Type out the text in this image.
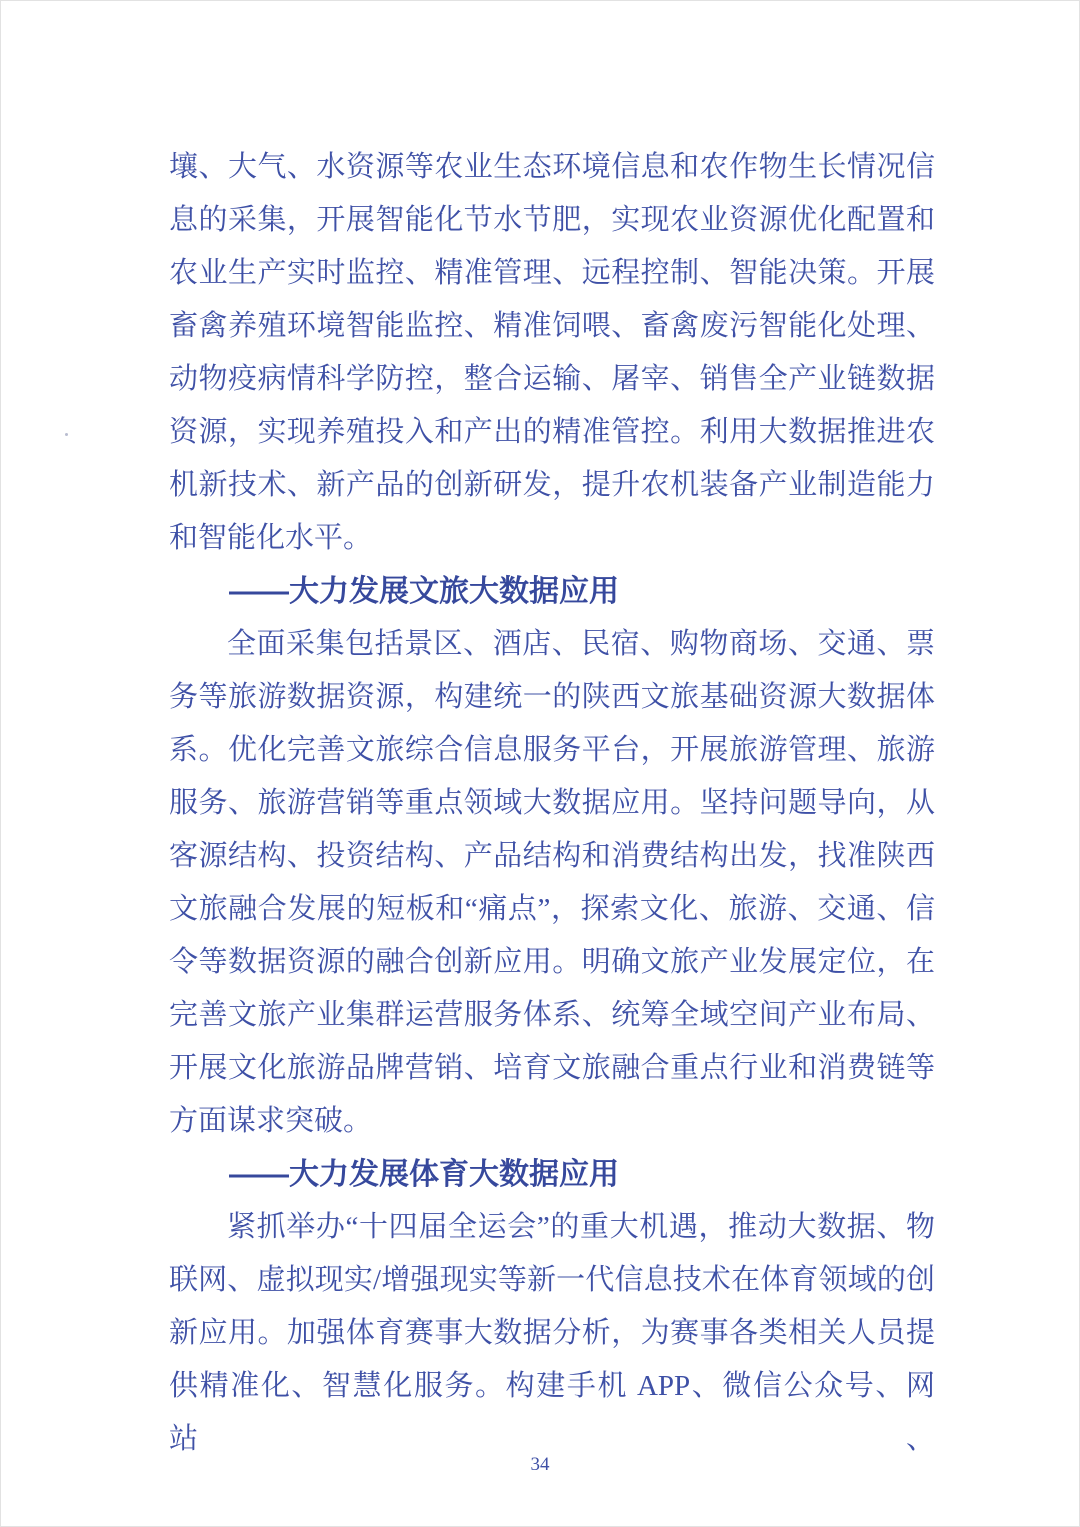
壤、大气、水资源等农业生态环境信息和农作物生长情况信
息的采集，开展智能化节水节肥，实现农业资源优化配置和
农业生产实时监控、精准管理、远程控制、智能决策。开展
畜禽养殖环境智能监控、精准饲喂、畜禽废污智能化处理、
动物疫病情科学防控，整合运输、屠宰、销售全产业链数据
资源，实现养殖投入和产出的精准管控。利用大数据推进农
机新技术、新产品的创新研发，提升农机装备产业制造能力
和智能化水平。
——大力发展文旅大数据应用
全面采集包括景区、酒店、民宿、购物商场、交通、票
务等旅游数据资源，构建统一的陕西文旅基础资源大数据体
系。优化完善文旅综合信息服务平台，开展旅游管理、旅游
服务、旅游营销等重点领域大数据应用。坚持问题导向，从
客源结构、投资结构、产品结构和消费结构出发，找准陕西
文旅融合发展的短板和“痛点”，探索文化、旅游、交通、信
令等数据资源的融合创新应用。明确文旅产业发展定位，在
完善文旅产业集群运营服务体系、统筹全域空间产业布局、
开展文化旅游品牌营销、培育文旅融合重点行业和消费链等
方面谋求突破。
——大力发展体育大数据应用
紧抓举办“十四届全运会”的重大机遇，推动大数据、物
联网、虚拟现实/增强现实等新一代信息技术在体育领域的创
新应用。加强体育赛事大数据分析，为赛事各类相关人员提
供精准化、智慧化服务。构建手机 APP、微信公众号、网站、
34
